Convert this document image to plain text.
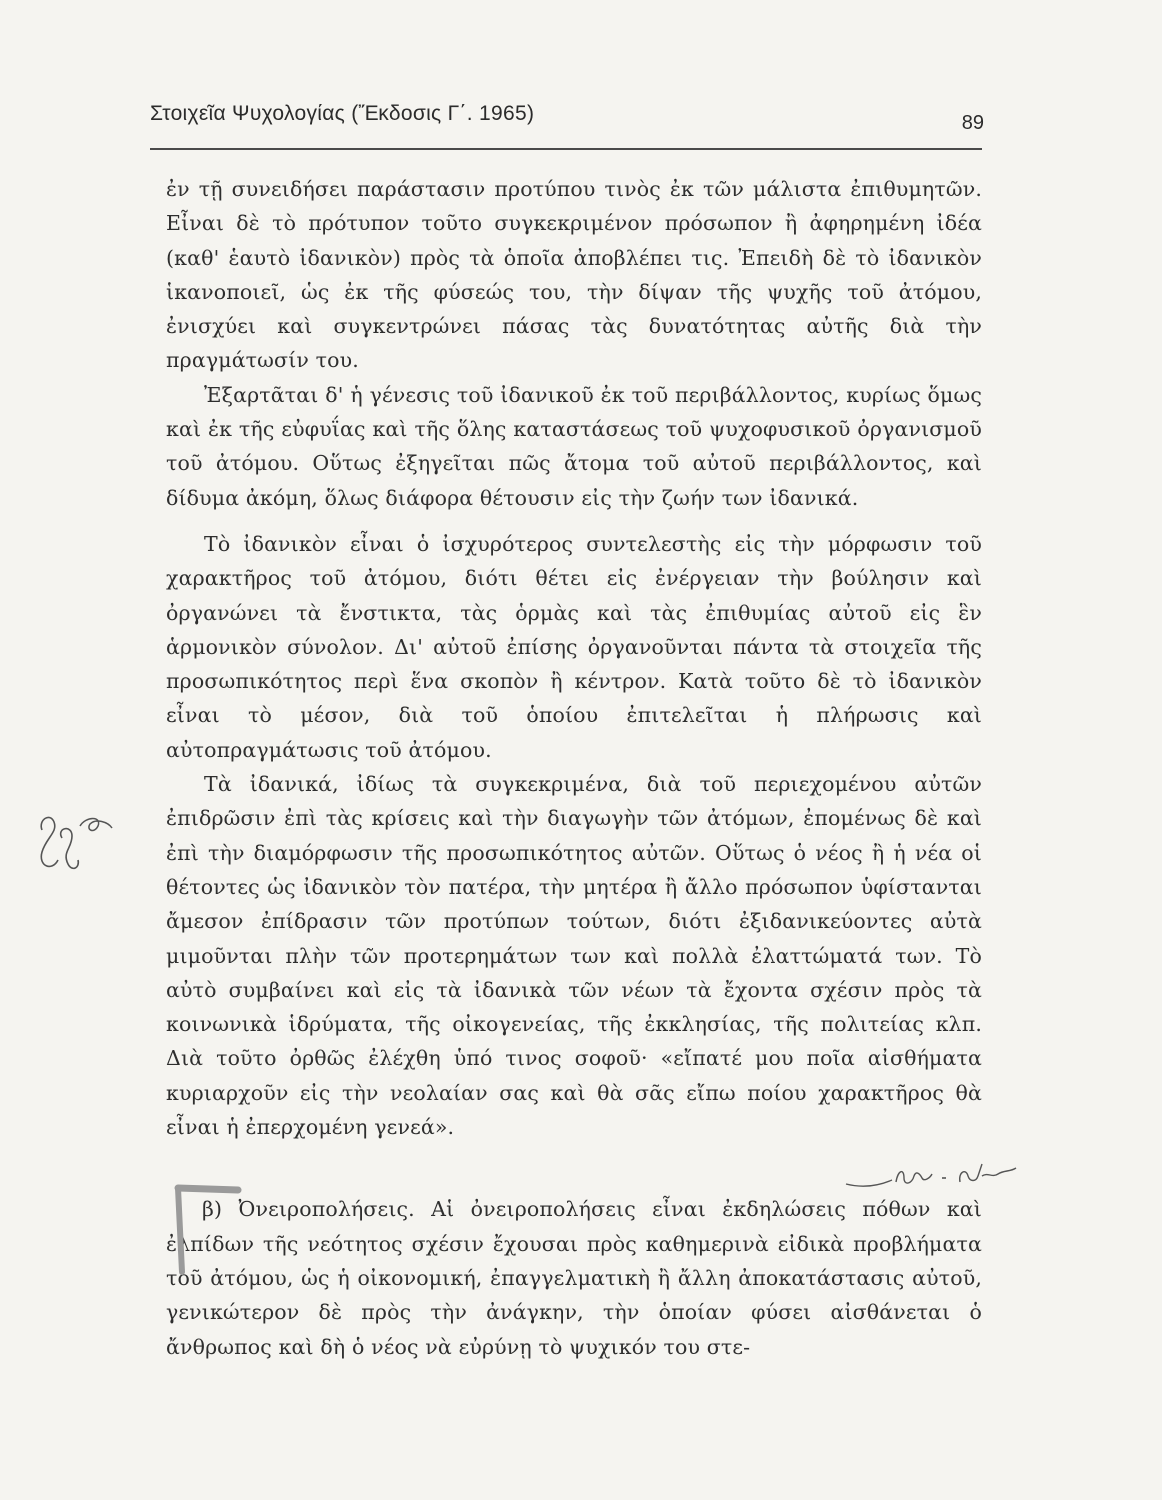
Στοιχεῖα Ψυχολογίας (Ἔκδοσις Γ΄. 1965)	89

ἐν τῇ συνειδήσει παράστασιν προτύπου τινὸς ἐκ τῶν μάλιστα ἐπιθυμητῶν. Εἶναι δὲ τὸ πρότυπον τοῦτο συγκεκριμένον πρόσωπον ἢ ἀφηρημένη ἰδέα (καθ' ἑαυτὸ ἰδανικὸν) πρὸς τὰ ὁποῖα ἀποβλέπει τις. Ἐπειδὴ δὲ τὸ ἰδανικὸν ἱκανοποιεῖ, ὡς ἐκ τῆς φύσεώς του, τὴν δίψαν τῆς ψυχῆς τοῦ ἀτόμου, ἐνισχύει καὶ συγκεντρώνει πάσας τὰς δυνατότητας αὐτῆς διὰ τὴν πραγμάτωσίν του.

Ἐξαρτᾶται δ' ἡ γένεσις τοῦ ἰδανικοῦ ἐκ τοῦ περιβάλλοντος, κυρίως ὅμως καὶ ἐκ τῆς εὐφυΐας καὶ τῆς ὅλης καταστάσεως τοῦ ψυχοφυσικοῦ ὀργανισμοῦ τοῦ ἀτόμου. Οὕτως ἐξηγεῖται πῶς ἄτομα τοῦ αὐτοῦ περιβάλλοντος, καὶ δίδυμα ἀκόμη, ὅλως διάφορα θέτουσιν εἰς τὴν ζωήν των ἰδανικά.

Τὸ ἰδανικὸν εἶναι ὁ ἰσχυρότερος συντελεστὴς εἰς τὴν μόρφωσιν τοῦ χαρακτῆρος τοῦ ἀτόμου, διότι θέτει εἰς ἐνέργειαν τὴν βούλησιν καὶ ὀργανώνει τὰ ἔνστικτα, τὰς ὁρμὰς καὶ τὰς ἐπιθυμίας αὐτοῦ εἰς ἓν ἁρμονικὸν σύνολον. Δι' αὐτοῦ ἐπίσης ὀργανοῦνται πάντα τὰ στοιχεῖα τῆς προσωπικότητος περὶ ἕνα σκοπὸν ἢ κέντρον. Κατὰ τοῦτο δὲ τὸ ἰδανικὸν εἶναι τὸ μέσον, διὰ τοῦ ὁποίου ἐπιτελεῖται ἡ πλήρωσις καὶ αὐτοπραγμάτωσις τοῦ ἀτόμου.

Τὰ ἰδανικά, ἰδίως τὰ συγκεκριμένα, διὰ τοῦ περιεχομένου αὐτῶν ἐπιδρῶσιν ἐπὶ τὰς κρίσεις καὶ τὴν διαγωγὴν τῶν ἀτόμων, ἐπομένως δὲ καὶ ἐπὶ τὴν διαμόρφωσιν τῆς προσωπικότητος αὐτῶν. Οὕτως ὁ νέος ἢ ἡ νέα οἱ θέτοντες ὡς ἰδανικὸν τὸν πατέρα, τὴν μητέρα ἢ ἄλλο πρόσωπον ὑφίστανται ἄμεσον ἐπίδρασιν τῶν προτύπων τούτων, διότι ἐξιδανικεύοντες αὐτὰ μιμοῦνται πλὴν τῶν προτερημάτων των καὶ πολλὰ ἐλαττώματά των. Τὸ αὐτὸ συμβαίνει καὶ εἰς τὰ ἰδανικὰ τῶν νέων τὰ ἔχοντα σχέσιν πρὸς τὰ κοινωνικὰ ἱδρύματα, τῆς οἰκογενείας, τῆς ἐκκλησίας, τῆς πολιτείας κλπ. Διὰ τοῦτο ὀρθῶς ἐλέχθη ὑπό τινος σοφοῦ· «εἴπατέ μου ποῖα αἰσθήματα κυριαρχοῦν εἰς τὴν νεολαίαν σας καὶ θὰ σᾶς εἴπω ποίου χαρακτῆρος θὰ εἶναι ἡ ἐπερχομένη γενεά».

β) Ὀνειροπολήσεις. Αἱ ὀνειροπολήσεις εἶναι ἐκδηλώσεις πόθων καὶ ἐλπίδων τῆς νεότητος σχέσιν ἔχουσαι πρὸς καθημερινὰ εἰδικὰ προβλήματα τοῦ ἀτόμου, ὡς ἡ οἰκονομική, ἐπαγγελματικὴ ἢ ἄλλη ἀποκατάστασις αὐτοῦ, γενικώτερον δὲ πρὸς τὴν ἀνάγκην, τὴν ὁποίαν φύσει αἰσθάνεται ὁ ἄνθρωπος καὶ δὴ ὁ νέος νὰ εὐρύνῃ τὸ ψυχικόν του στε-
